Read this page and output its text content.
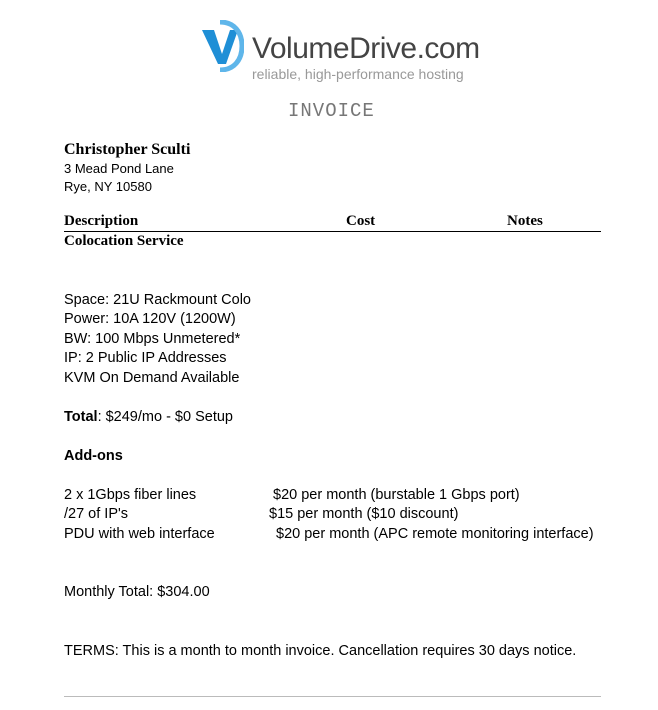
VolumeDrive.com
reliable, high-performance hosting
INVOICE
Christopher Sculti
3 Mead Pond Lane
Rye, NY 10580
Description	Cost	Notes
Colocation Service
Space: 21U Rackmount Colo
Power: 10A 120V (1200W)
BW: 100 Mbps Unmetered*
IP: 2 Public IP Addresses
KVM On Demand Available
Total: $249/mo - $0 Setup
Add-ons
2 x 1Gbps fiber lines	$20 per month (burstable 1 Gbps port)
/27 of IP's	$15 per month ($10 discount)
PDU with web interface	$20 per month (APC remote monitoring interface)
Monthly Total: $304.00
TERMS: This is a month to month invoice. Cancellation requires 30 days notice.
